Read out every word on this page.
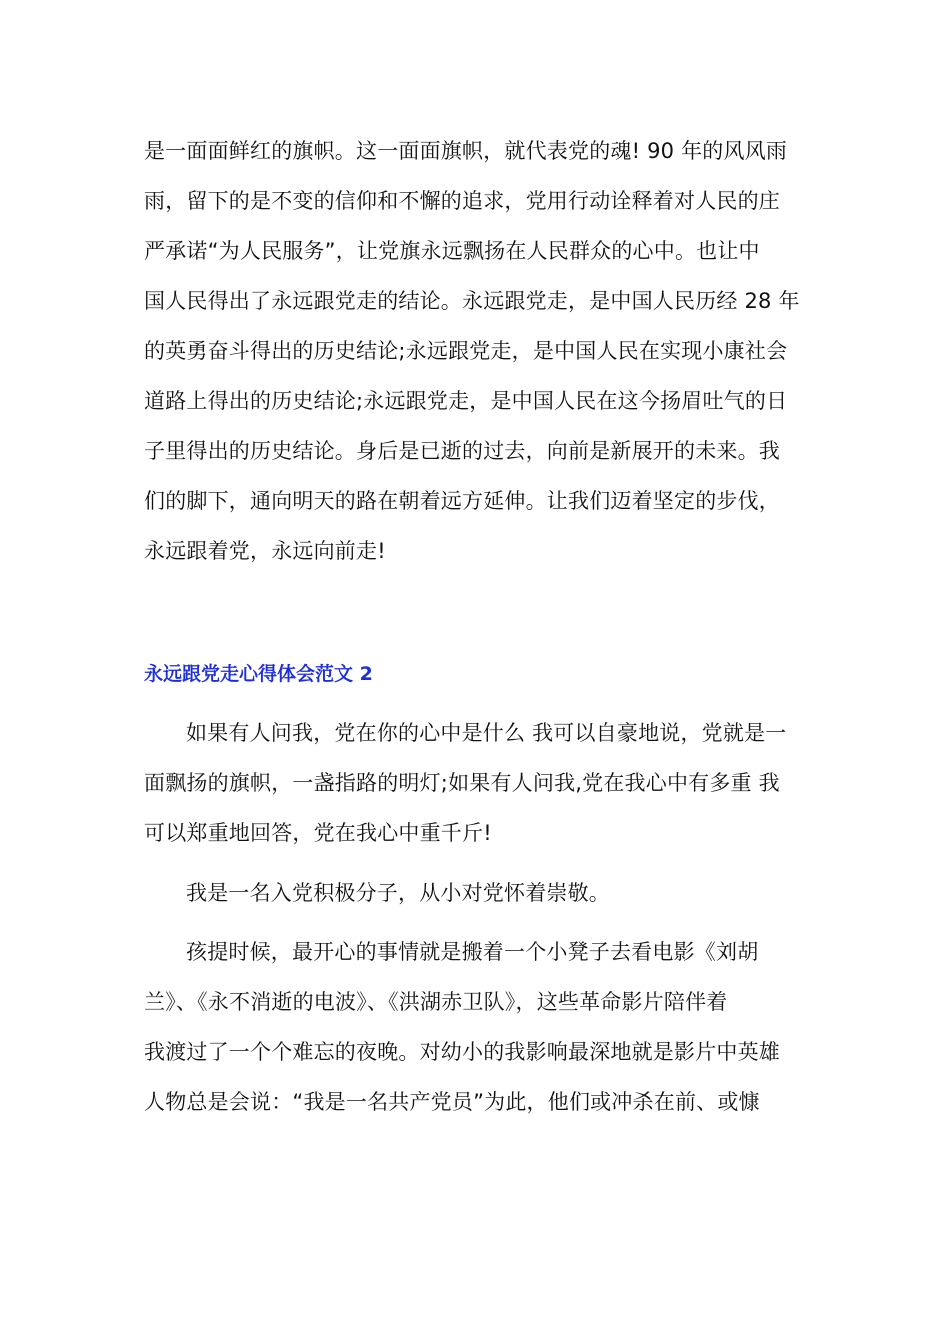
是一面面鲜红的旗帜。这一面面旗帜，就代表党的魂! 90 年的风风雨
雨，留下的是不变的信仰和不懈的追求，党用行动诠释着对人民的庄
严承诺“为人民服务”，让党旗永远飘扬在人民群众的心中。也让中
国人民得出了永远跟党走的结论。永远跟党走，是中国人民历经 28 年
的英勇奋斗得出的历史结论;永远跟党走，是中国人民在实现小康社会
道路上得出的历史结论;永远跟党走，是中国人民在这今扬眉吐气的日
子里得出的历史结论。身后是已逝的过去，向前是新展开的未来。我
们的脚下，通向明天的路在朝着远方延伸。让我们迈着坚定的步伐，
永远跟着党，永远向前走!
永远跟党走心得体会范文 2
如果有人问我，党在你的心中是什么 我可以自豪地说，党就是一
面飘扬的旗帜，一盏指路的明灯;如果有人问我,党在我心中有多重 我
可以郑重地回答，党在我心中重千斤!
我是一名入党积极分子，从小对党怀着崇敬。
孩提时候，最开心的事情就是搬着一个小凳子去看电影《刘胡
兰》、《永不消逝的电波》、《洪湖赤卫队》，这些革命影片陪伴着
我渡过了一个个难忘的夜晚。对幼小的我影响最深地就是影片中英雄
人物总是会说：“我是一名共产党员”为此，他们或冲杀在前、或慷
